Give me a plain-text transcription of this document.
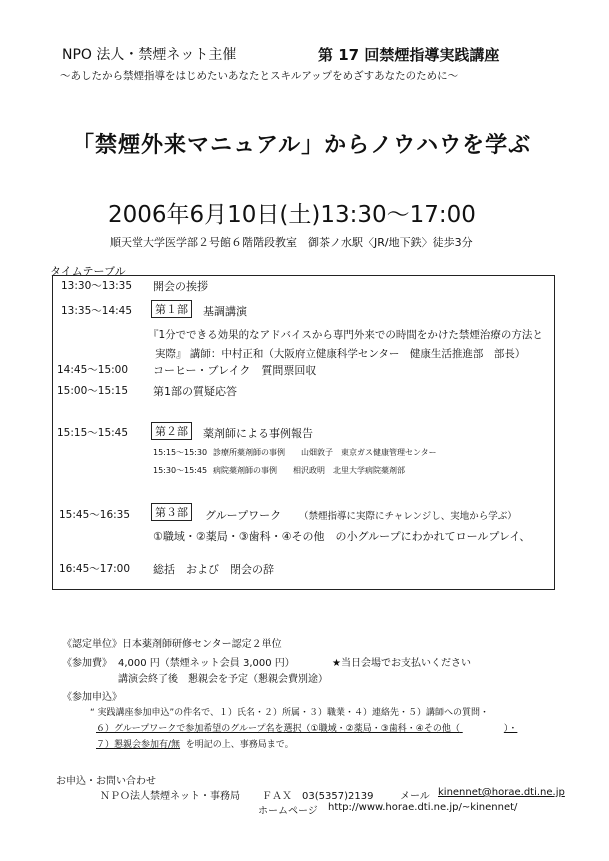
NPO 法人・禁煙ネット主催	第 17 回禁煙指導実践講座
～あしたから禁煙指導をはじめたいあなたとスキルアップをめざすあなたのために～
「禁煙外来マニュアル」からノウハウを学ぶ
2006年6月10日(土)13:30～17:00
順天堂大学医学部２号館６階階段教室　御茶ノ水駅〈JR/地下鉄〉徒歩3分
タイムテーブル
13:30～13:35 開会の挨拶
13:35～14:45	第１部	基調講演
『1分でできる効果的なアドバイスから専門外来での時間をかけた禁煙治療の方法と
実際』 講師：中村正和（大阪府立健康科学センター　健康生活推進部　部長）
14:45～15:00 コーヒー・ブレイク　質問票回収
15:00～15:15 第1部の質疑応答
15:15～15:45	第２部	薬剤師による事例報告
15:15～15:30 診療所薬剤師の事例　　山畑敦子　東京ガス健康管理センター
15:30～15:45 病院薬剤師の事例　　相沢政明　北里大学病院薬剤部
15:45～16:35	第３部	グループワーク （禁煙指導に実際にチャレンジし、実地から学ぶ）
①職域・②薬局・③歯科・④その他　の小グループにわかれてロールプレイ、
16:45～17:00 総括　および　閉会の辞
《認定単位》日本薬剤師研修センター認定２単位
《参加費》 4,000 円（禁煙ネット会員 3,000 円）	★当日会場でお支払いください
講演会終了後　懇親会を予定（懇親会費別途）
《参加申込》
“ 実践講座参加申込”の件名で、１）氏名・２）所属・３）職業・４）連絡先・５）講師への質問・
６）グループワークで参加希望のグループ名を選択（①職域・②薬局・③歯科・④その他（	）・
７）懇親会参加有/無 を明記の上、事務局まで。
お申込・お問い合わせ
ＮＰＯ法人禁煙ネット・事務局 ＦＡＸ　03(5357)2139	メール kinennet@horae.dti.ne.jp
ホームページ http://www.horae.dti.ne.jp/~kinennet/
